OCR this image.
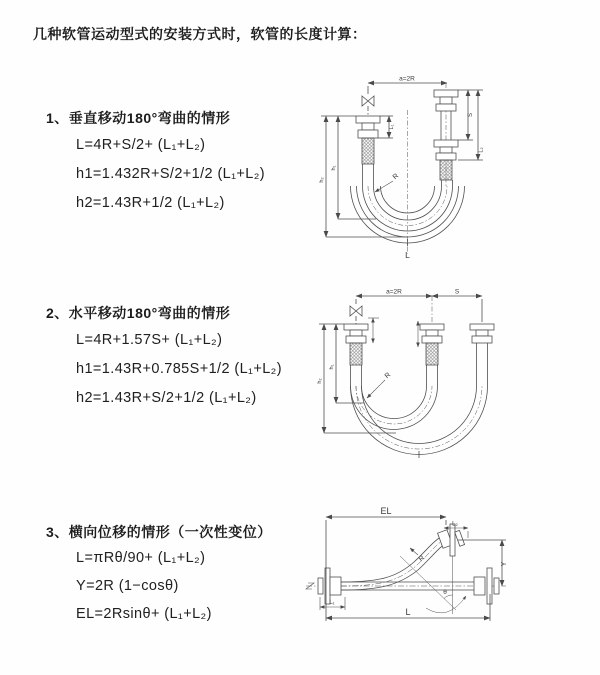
几种软管运动型式的安装方式时，软管的长度计算：
1、垂直移动180°弯曲的情形
L=4R+S/2+ (L₁+L₂)
h1=1.432R+S/2+1/2 (L₁+L₂)
h2=1.43R+1/2 (L₁+L₂)
a=2R
L₁
S
L₂
h₁
h₂	R
L
2、水平移动180°弯曲的情形
L=4R+1.57S+ (L₁+L₂)
h1=1.43R+0.785S+1/2 (L₁+L₂)
h2=1.43R+S/2+1/2 (L₁+L₂)
a=2R	S
h₁
h₂
R
3、横向位移的情形（一次性变位）
L=πRθ/90+ (L₁+L₂)
Y=2R (1−cosθ)
EL=2Rsinθ+ (L₁+L₂)
EL
L₂
Y
R
θ
L
L₁
